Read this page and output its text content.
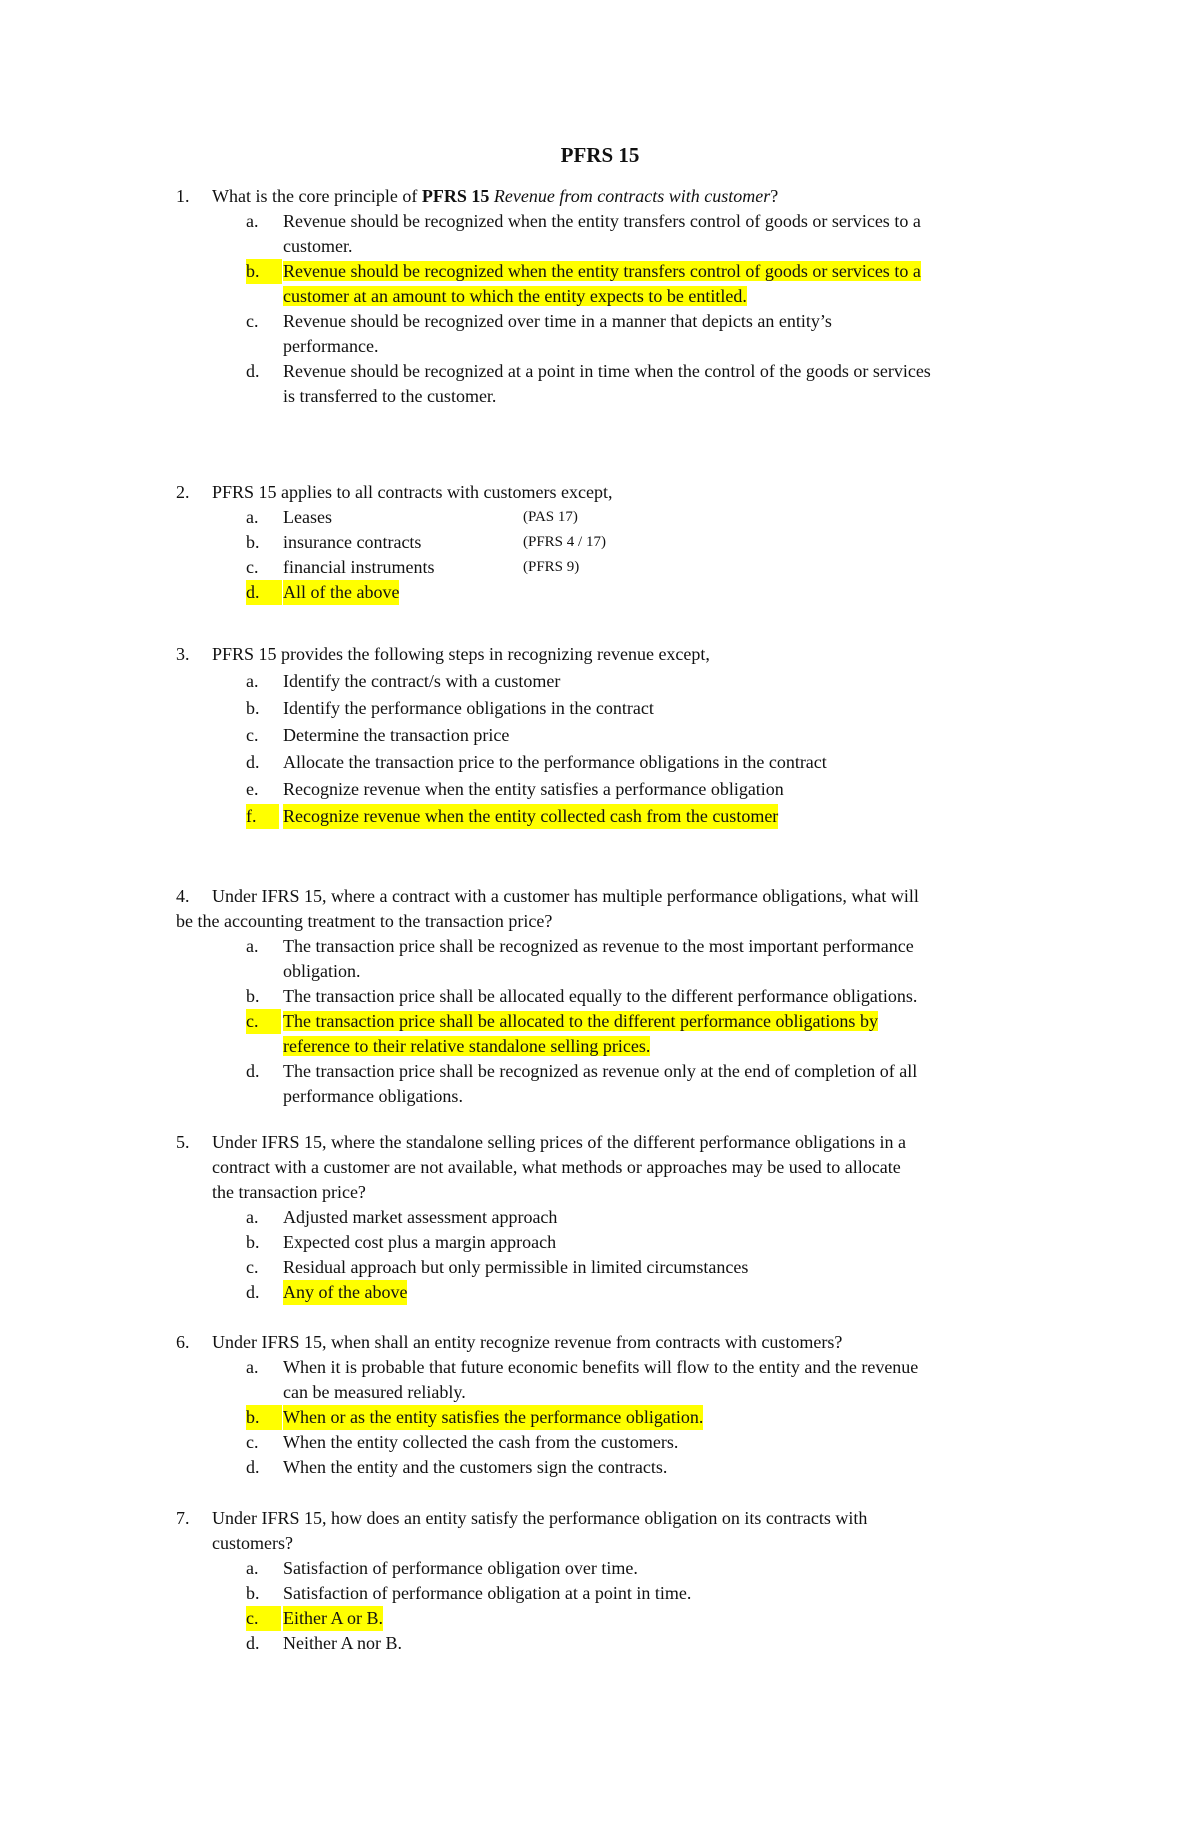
PFRS 15
1. What is the core principle of PFRS 15 Revenue from contracts with customer?
a. Revenue should be recognized when the entity transfers control of goods or services to a
customer.
b.	Revenue should be recognized when the entity transfers control of goods or services to a
customer at an amount to which the entity expects to be entitled.
c. Revenue should be recognized over time in a manner that depicts an entity’s
performance.
d. Revenue should be recognized at a point in time when the control of the goods or services
is transferred to the customer.
2. PFRS 15 applies to all contracts with customers except,
a. Leases	(PAS 17)
b. insurance contracts	(PFRS 4 / 17)
c. financial instruments	(PFRS 9)
d.	All of the above
3. PFRS 15 provides the following steps in recognizing revenue except,
a. Identify the contract/s with a customer
b. Identify the performance obligations in the contract
c. Determine the transaction price
d. Allocate the transaction price to the performance obligations in the contract
e. Recognize revenue when the entity satisfies a performance obligation
f.	Recognize revenue when the entity collected cash from the customer
4. Under IFRS 15, where a contract with a customer has multiple performance obligations, what will
be the accounting treatment to the transaction price?
a. The transaction price shall be recognized as revenue to the most important performance
obligation.
b. The transaction price shall be allocated equally to the different performance obligations.
c.	The transaction price shall be allocated to the different performance obligations by
reference to their relative standalone selling prices.
d. The transaction price shall be recognized as revenue only at the end of completion of all
performance obligations.
5. Under IFRS 15, where the standalone selling prices of the different performance obligations in a
contract with a customer are not available, what methods or approaches may be used to allocate
the transaction price?
a. Adjusted market assessment approach
b. Expected cost plus a margin approach
c. Residual approach but only permissible in limited circumstances
d. Any of the above
6. Under IFRS 15, when shall an entity recognize revenue from contracts with customers?
a. When it is probable that future economic benefits will flow to the entity and the revenue
can be measured reliably.
b.	When or as the entity satisfies the performance obligation.
c. When the entity collected the cash from the customers.
d. When the entity and the customers sign the contracts.
7. Under IFRS 15, how does an entity satisfy the performance obligation on its contracts with
customers?
a. Satisfaction of performance obligation over time.
b. Satisfaction of performance obligation at a point in time.
c.	Either A or B.
d. Neither A nor B.
